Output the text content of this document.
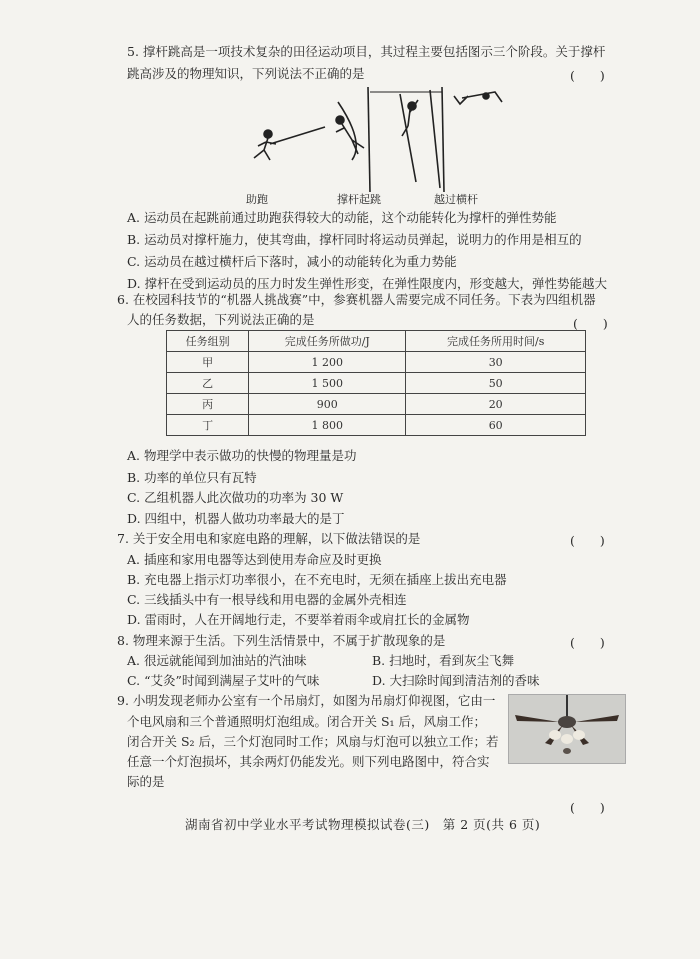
5. 撑杆跳高是一项技术复杂的田径运动项目，其过程主要包括图示三个阶段。关于撑杆
跳高涉及的物理知识，下列说法不正确的是	(　　)
助跑	撑杆起跳	越过横杆
A. 运动员在起跳前通过助跑获得较大的动能，这个动能转化为撑杆的弹性势能
B. 运动员对撑杆施力，使其弯曲，撑杆同时将运动员弹起，说明力的作用是相互的
C. 运动员在越过横杆后下落时，减小的动能转化为重力势能
D. 撑杆在受到运动员的压力时发生弹性形变，在弹性限度内，形变越大，弹性势能越大
6. 在校园科技节的“机器人挑战赛”中，参赛机器人需要完成不同任务。下表为四组机器
人的任务数据，下列说法正确的是	(　　)
任务组别	完成任务所做功/J	完成任务所用时间/s
甲	1 200	30
乙	1 500	50
丙	900	20
丁	1 800	60
A. 物理学中表示做功的快慢的物理量是功
B. 功率的单位只有瓦特
C. 乙组机器人此次做功的功率为 30 W
D. 四组中，机器人做功功率最大的是丁
7. 关于安全用电和家庭电路的理解，以下做法错误的是	(　　)
A. 插座和家用电器等达到使用寿命应及时更换
B. 充电器上指示灯功率很小，在不充电时，无须在插座上拔出充电器
C. 三线插头中有一根导线和用电器的金属外壳相连
D. 雷雨时，人在开阔地行走，不要举着雨伞或肩扛长的金属物
8. 物理来源于生活。下列生活情景中，不属于扩散现象的是	(　　)
A. 很远就能闻到加油站的汽油味	B. 扫地时，看到灰尘飞舞
C. “艾灸”时闻到满屋子艾叶的气味	D. 大扫除时闻到清洁剂的香味
9. 小明发现老师办公室有一个吊扇灯，如图为吊扇灯仰视图，它由一
个电风扇和三个普通照明灯泡组成。闭合开关 S₁ 后，风扇工作；
闭合开关 S₂ 后，三个灯泡同时工作；风扇与灯泡可以独立工作；若
任意一个灯泡损坏，其余两灯仍能发光。则下列电路图中，符合实
际的是
(　　)
湖南省初中学业水平考试物理模拟试卷(三)　第 2 页(共 6 页)
